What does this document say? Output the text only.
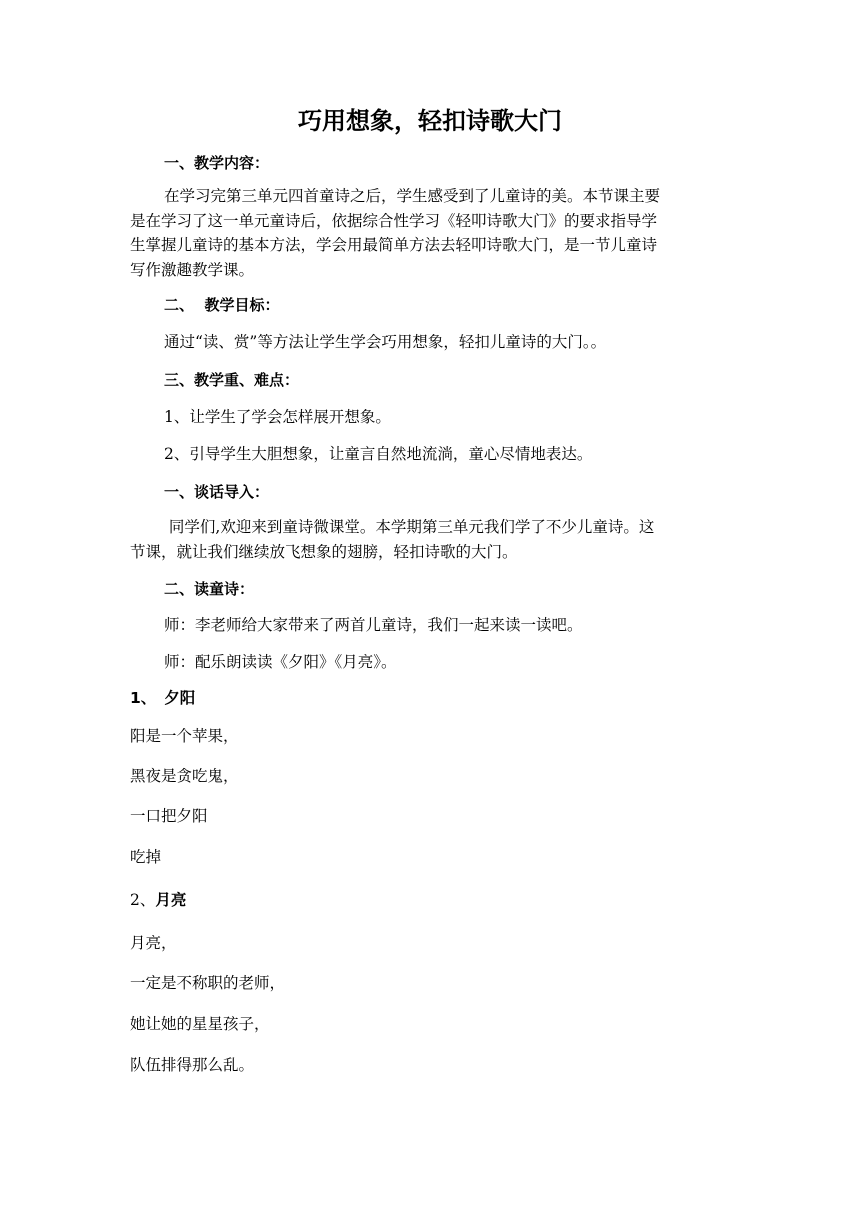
巧用想象，轻扣诗歌大门
一、教学内容：
在学习完第三单元四首童诗之后，学生感受到了儿童诗的美。本节课主要
是在学习了这一单元童诗后，依据综合性学习《轻叩诗歌大门》的要求指导学
生掌握儿童诗的基本方法，学会用最简单方法去轻叩诗歌大门，是一节儿童诗
写作激趣教学课。
二、  教学目标：
通过“读、赏”等方法让学生学会巧用想象，轻扣儿童诗的大门。。
三、教学重、难点：
1、让学生了学会怎样展开想象。
2、引导学生大胆想象，让童言自然地流淌，童心尽情地表达。
一、谈话导入：
同学们,欢迎来到童诗微课堂。本学期第三单元我们学了不少儿童诗。这
节课，就让我们继续放飞想象的翅膀，轻扣诗歌的大门。
二、读童诗：
师：李老师给大家带来了两首儿童诗，我们一起来读一读吧。
师：配乐朗读读《夕阳》《月亮》。
1、 夕阳
阳是一个苹果，
黑夜是贪吃鬼，
一口把夕阳
吃掉
2、月亮
月亮，
一定是不称职的老师，
她让她的星星孩子，
队伍排得那么乱。
